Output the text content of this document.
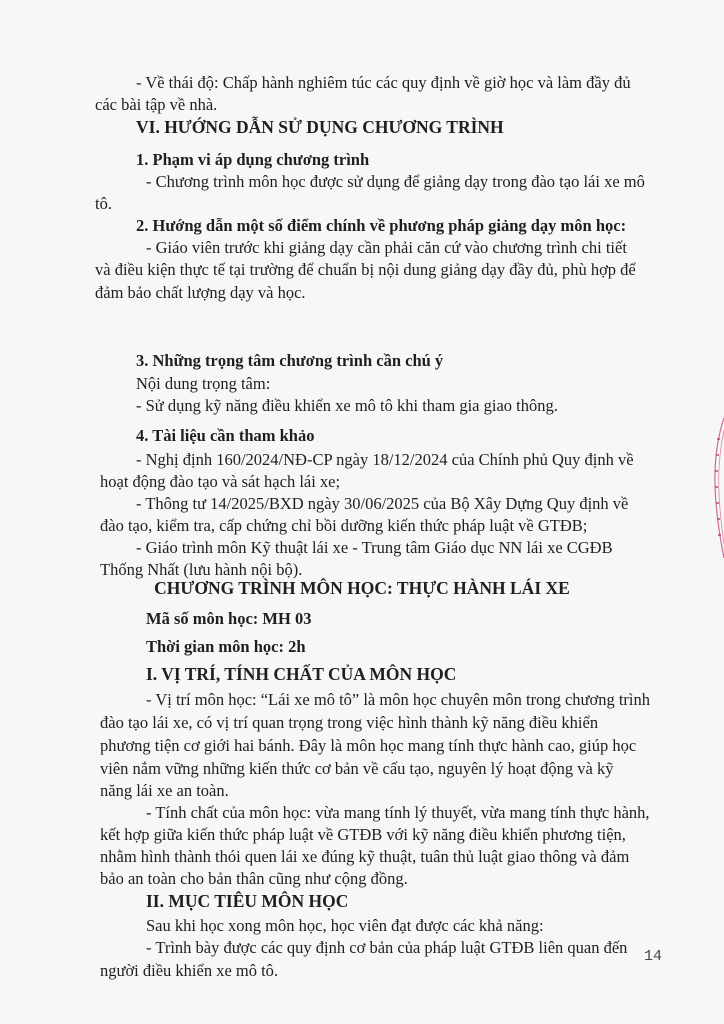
- Về thái độ: Chấp hành nghiêm túc các quy định về giờ học và làm đầy đủ

các bài tập về nhà.

VI. HƯỚNG DẪN SỬ DỤNG CHƯƠNG TRÌNH

1. Phạm vi áp dụng chương trình

- Chương trình môn học được sử dụng để giảng dạy trong đào tạo lái xe mô

tô.

2. Hướng dẫn một số điểm chính về phương pháp giảng dạy môn học:

- Giáo viên trước khi giảng dạy cần phải căn cứ vào chương trình chi tiết

và điều kiện thực tế tại trường để chuẩn bị nội dung giảng dạy đầy đủ, phù hợp để

đảm bảo chất lượng dạy và học.

3. Những trọng tâm chương trình cần chú ý

Nội dung trọng tâm:

- Sử dụng kỹ năng điều khiển xe mô tô khi tham gia giao thông.

4. Tài liệu cần tham khảo

- Nghị định 160/2024/NĐ-CP ngày 18/12/2024 của Chính phủ Quy định về

hoạt động đào tạo và sát hạch lái xe;

- Thông tư 14/2025/BXD ngày 30/06/2025 của Bộ Xây Dựng Quy định về

đào tạo, kiểm tra, cấp chứng chỉ bồi dưỡng kiến thức pháp luật về GTĐB;

- Giáo trình môn Kỹ thuật lái xe - Trung tâm Giáo dục NN lái xe CGĐB

Thống Nhất (lưu hành nội bộ).

CHƯƠNG TRÌNH MÔN HỌC: THỰC HÀNH LÁI XE

Mã số môn học: MH 03

Thời gian môn học: 2h

I. VỊ TRÍ, TÍNH CHẤT CỦA MÔN HỌC

- Vị trí môn học: “Lái xe mô tô” là môn học chuyên môn trong chương trình

đào tạo lái xe, có vị trí quan trọng trong việc hình thành kỹ năng điều khiển

phương tiện cơ giới hai bánh. Đây là môn học mang tính thực hành cao, giúp học

viên nắm vững những kiến thức cơ bản về cấu tạo, nguyên lý hoạt động và kỹ

năng lái xe an toàn.

- Tính chất của môn học: vừa mang tính lý thuyết, vừa mang tính thực hành,

kết hợp giữa kiến thức pháp luật về GTĐB với kỹ năng điều khiển phương tiện,

nhằm hình thành thói quen lái xe đúng kỹ thuật, tuân thủ luật giao thông và đảm

bảo an toàn cho bản thân cũng như cộng đồng.

II. MỤC TIÊU MÔN HỌC

Sau khi học xong môn học, học viên đạt được các khả năng:

- Trình bày được các quy định cơ bản của pháp luật GTĐB liên quan đến

người điều khiển xe mô tô.

14
